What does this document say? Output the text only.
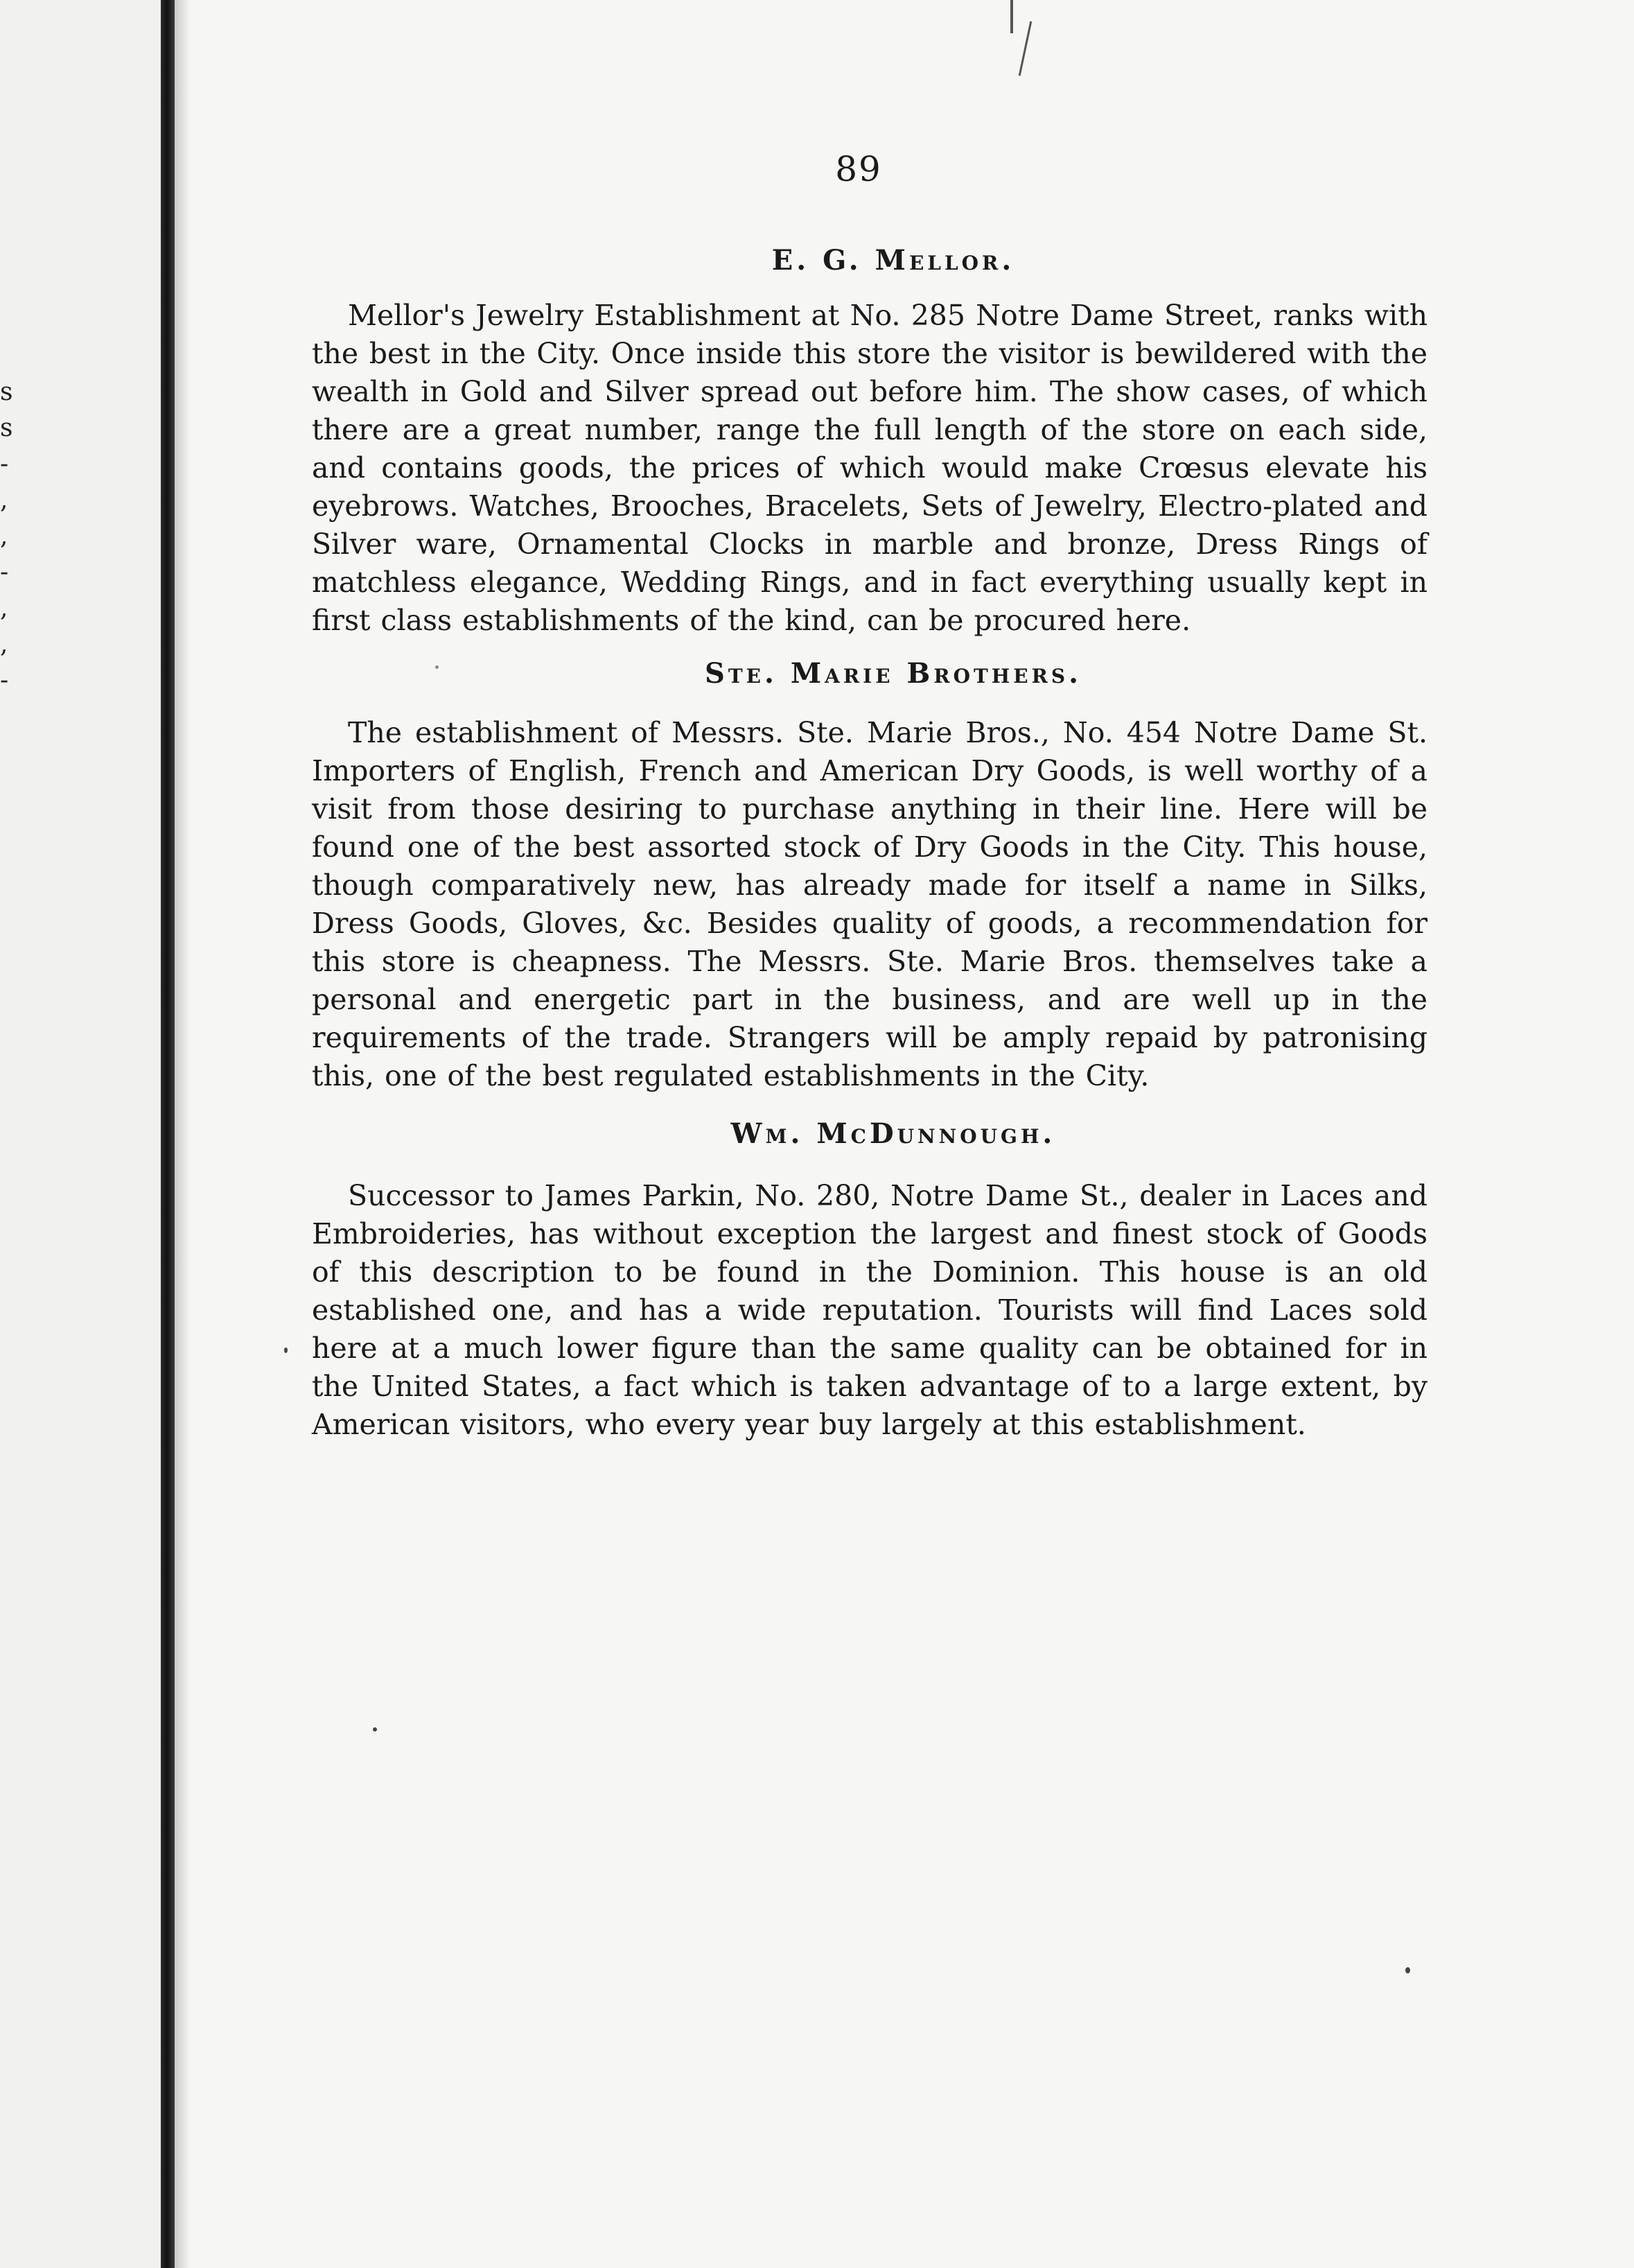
s
s
-
,
,
-
,
,
-
89
E. G. Mellor.
Mellor's Jewelry Establishment at No. 285 Notre Dame Street, ranks with the best in the City. Once inside this store the visitor is bewildered with the wealth in Gold and Silver spread out before him. The show cases, of which there are a great number, range the full length of the store on each side, and contains goods, the prices of which would make Crœsus elevate his eyebrows. Watches, Brooches, Bracelets, Sets of Jewelry, Electro-plated and Silver ware, Ornamental Clocks in marble and bronze, Dress Rings of matchless elegance, Wedding Rings, and in fact everything usually kept in first class establishments of the kind, can be procured here.
Ste. Marie Brothers.
The establishment of Messrs. Ste. Marie Bros., No. 454 Notre Dame St. Importers of English, French and American Dry Goods, is well worthy of a visit from those desiring to purchase anything in their line. Here will be found one of the best assorted stock of Dry Goods in the City. This house, though comparatively new, has already made for itself a name in Silks, Dress Goods, Gloves, &c. Besides quality of goods, a recommendation for this store is cheapness. The Messrs. Ste. Marie Bros. themselves take a personal and energetic part in the business, and are well up in the requirements of the trade. Strangers will be amply repaid by patronising this, one of the best regulated establishments in the City.
Wm. McDunnough.
Successor to James Parkin, No. 280, Notre Dame St., dealer in Laces and Embroideries, has without exception the largest and finest stock of Goods of this description to be found in the Dominion. This house is an old established one, and has a wide reputation. Tourists will find Laces sold here at a much lower figure than the same quality can be obtained for in the United States, a fact which is taken advantage of to a large extent, by American visitors, who every year buy largely at this establishment.
